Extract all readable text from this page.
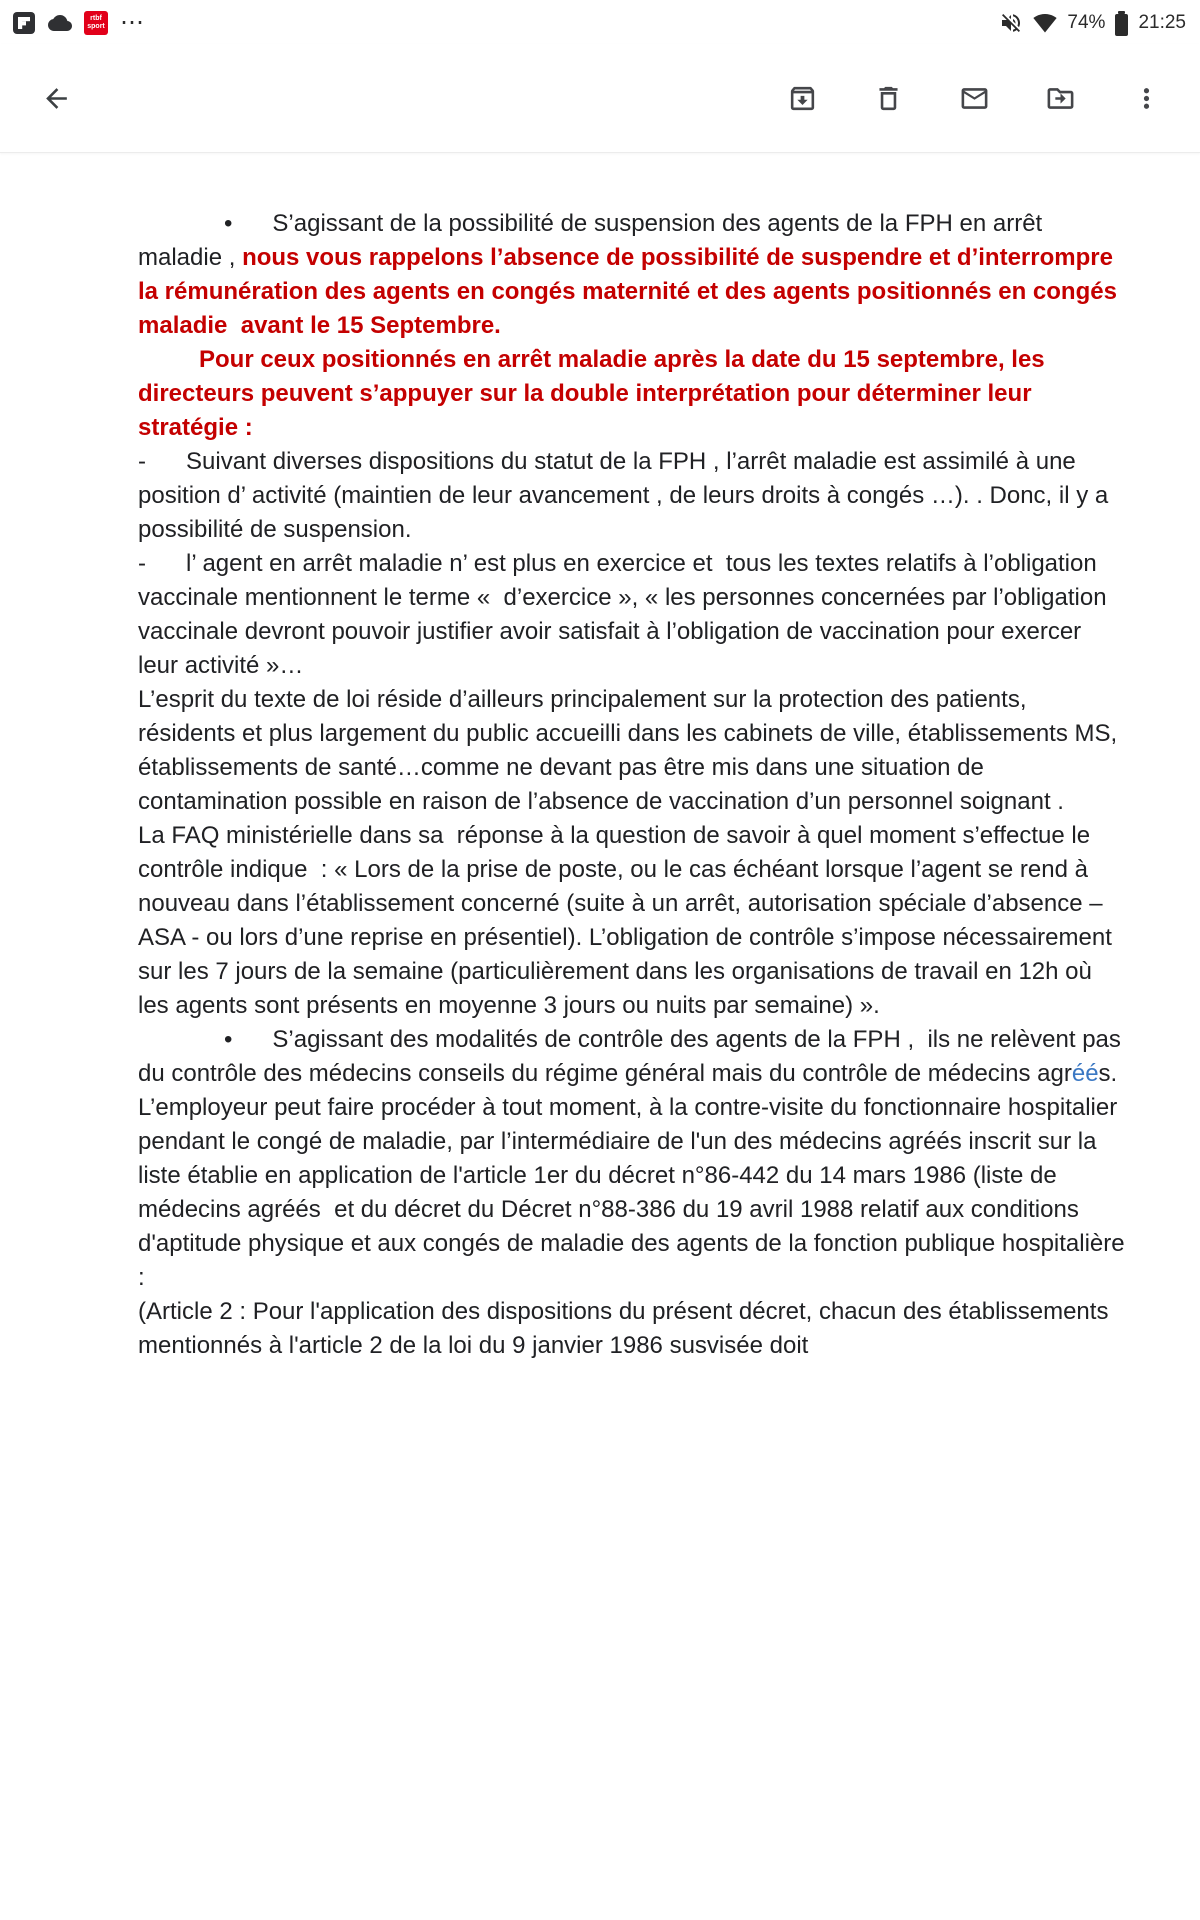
rtbf
sport ⋯	74% 21:25

•      S’agissant de la possibilité de suspension des agents de la FPH en arrêt maladie , nous vous rappelons l’absence de possibilité de suspendre et d’interrompre la rémunération des agents en congés maternité et des agents positionnés en congés maladie  avant le 15 Septembre.

Pour ceux positionnés en arrêt maladie après la date du 15 septembre, les directeurs peuvent s’appuyer sur la double interprétation pour déterminer leur stratégie :

-      Suivant diverses dispositions du statut de la FPH , l’arrêt maladie est assimilé à une position d’ activité (maintien de leur avancement , de leurs droits à congés …). . Donc, il y a possibilité de suspension.

-      l’ agent en arrêt maladie n’ est plus en exercice et  tous les textes relatifs à l’obligation vaccinale mentionnent le terme «  d’exercice », « les personnes concernées par l’obligation vaccinale devront pouvoir justifier avoir satisfait à l’obligation de vaccination pour exercer leur activité »…

L’esprit du texte de loi réside d’ailleurs principalement sur la protection des patients, résidents et plus largement du public accueilli dans les cabinets de ville, établissements MS, établissements de santé…comme ne devant pas être mis dans une situation de contamination possible en raison de l’absence de vaccination d’un personnel soignant .

La FAQ ministérielle dans sa  réponse à la question de savoir à quel moment s’effectue le contrôle indique  : « Lors de la prise de poste, ou le cas échéant lorsque l’agent se rend à nouveau dans l’établissement concerné (suite à un arrêt, autorisation spéciale d’absence – ASA - ou lors d’une reprise en présentiel). L’obligation de contrôle s’impose nécessairement sur les 7 jours de la semaine (particulièrement dans les organisations de travail en 12h où les agents sont présents en moyenne 3 jours ou nuits par semaine) ».

•      S’agissant des modalités de contrôle des agents de la FPH ,  ils ne relèvent pas du contrôle des médecins conseils du régime général mais du contrôle de médecins agréés.

L’employeur peut faire procéder à tout moment, à la contre-visite du fonctionnaire hospitalier pendant le congé de maladie, par l’intermédiaire de l'un des médecins agréés inscrit sur la liste établie en application de l'article 1er du décret n°86-442 du 14 mars 1986 (liste de médecins agréés  et du décret du Décret n°88-386 du 19 avril 1988 relatif aux conditions d'aptitude physique et aux congés de maladie des agents de la fonction publique hospitalière :

(Article 2 : Pour l'application des dispositions du présent décret, chacun des établissements mentionnés à l'article 2 de la loi du 9 janvier 1986 susvisée doit
